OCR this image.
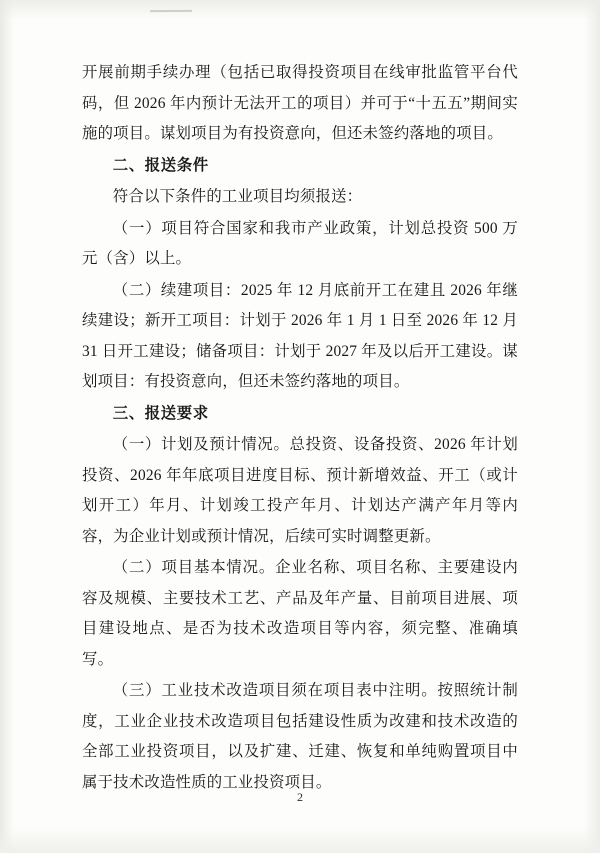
开展前期手续办理（包括已取得投资项目在线审批监管平台代码，但 2026 年内预计无法开工的项目）并可于“十五五”期间实施的项目。谋划项目为有投资意向，但还未签约落地的项目。

二、报送条件

符合以下条件的工业项目均须报送：

（一）项目符合国家和我市产业政策，计划总投资 500 万元（含）以上。

（二）续建项目：2025 年 12 月底前开工在建且 2026 年继续建设；新开工项目：计划于 2026 年 1 月 1 日至 2026 年 12 月 31 日开工建设；储备项目：计划于 2027 年及以后开工建设。谋划项目：有投资意向，但还未签约落地的项目。

三、报送要求

（一）计划及预计情况。总投资、设备投资、2026 年计划投资、2026 年年底项目进度目标、预计新增效益、开工（或计划开工）年月、计划竣工投产年月、计划达产满产年月等内容，为企业计划或预计情况，后续可实时调整更新。

（二）项目基本情况。企业名称、项目名称、主要建设内容及规模、主要技术工艺、产品及年产量、目前项目进展、项目建设地点、是否为技术改造项目等内容，须完整、准确填写。

（三）工业技术改造项目须在项目表中注明。按照统计制度，工业企业技术改造项目包括建设性质为改建和技术改造的全部工业投资项目，以及扩建、迁建、恢复和单纯购置项目中属于技术改造性质的工业投资项目。

2
